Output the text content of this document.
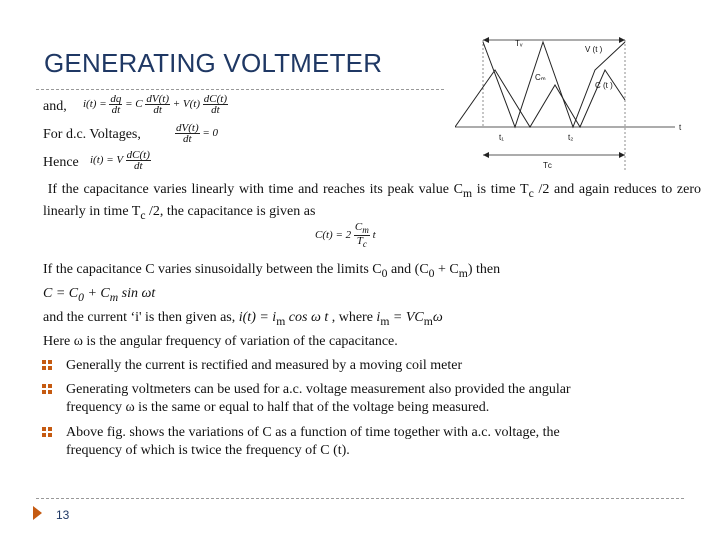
GENERATING VOLTMETER
Tᵥ
t
V (t )
Cₘ
C (t )
t₁	t₂
Tᴄ
and, $i(t) = \frac{dq}{dt} = C \frac{dV(t)}{dt} + V(t) \frac{dC(t)}{dt}$
For d.c. Voltages,	$\frac{dV(t)}{dt} = 0$
Hence i(t) = V $\frac{dC(t)}{dt}$
If the capacitance varies linearly with time and reaches its peak value $C_m$ is time $T_c$ /2 and again reduces to zero linearly in time $T_c$ /2, the capacitance is given as
$C(t) = 2 \frac{C_m}{T_c}$ t
If the capacitance C varies sinusoidally between the limits $C_0$ and $(C_0 + C_m)$ then
$C = C_0 + C_m$ sin ωt
and the current ‘i' is then given as, $i(t) = i_m$ cos ω t , where $i_m = VC_m\omega$
Here ω is the angular frequency of variation of the capacitance.
Generally the current is rectified and measured by a moving coil meter
Generating voltmeters can be used for a.c. voltage measurement also provided the angular
frequency ω is the same or equal to half that of the voltage being measured.
Above fig. shows the variations of C as a function of time together with a.c. voltage, the
frequency of which is twice the frequency of C (t).
13
